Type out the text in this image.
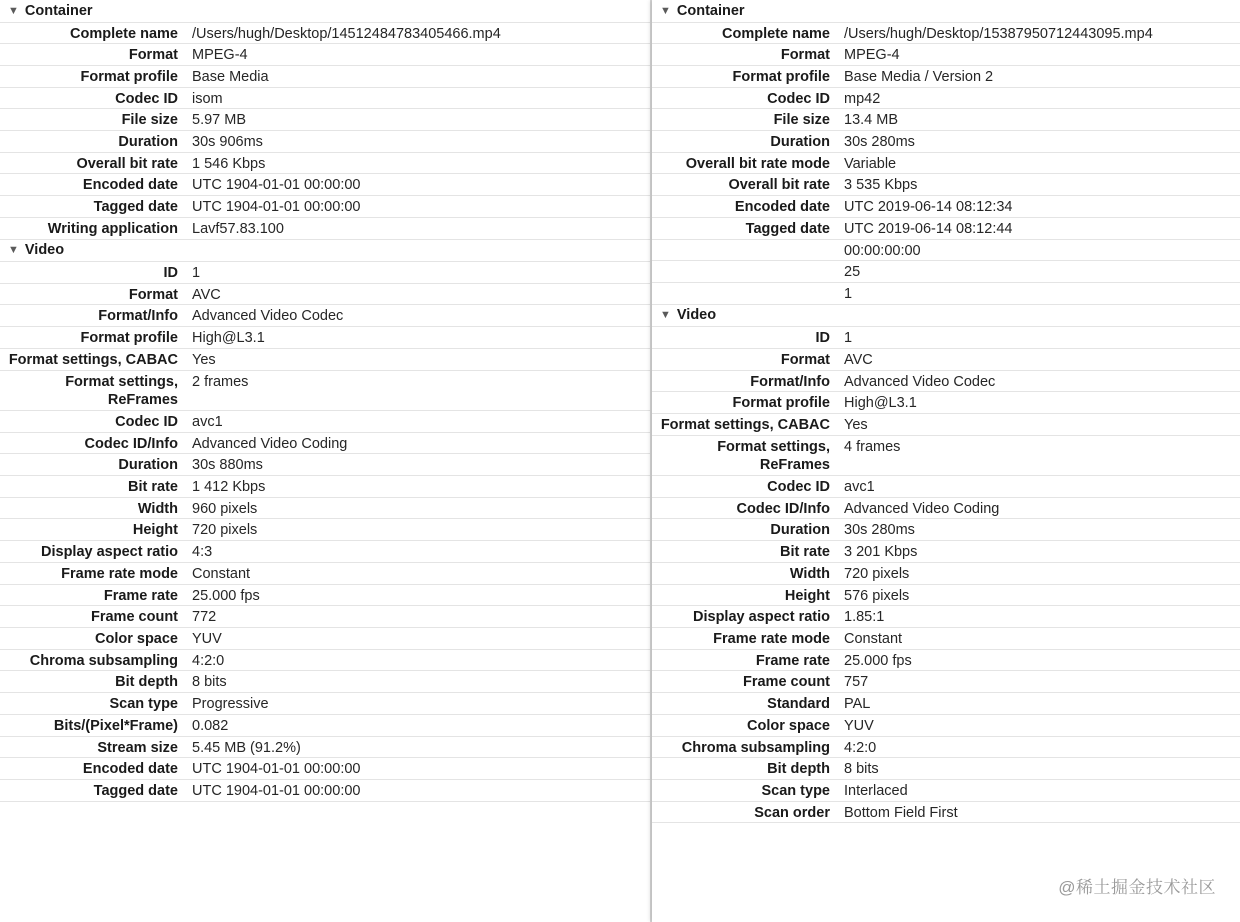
▼ Container
Complete name /Users/hugh/Desktop/14512484783405466.mp4
Format MPEG-4
Format profile Base Media
Codec ID isom
File size 5.97 MB
Duration 30s 906ms
Overall bit rate 1 546 Kbps
Encoded date UTC 1904-01-01 00:00:00
Tagged date UTC 1904-01-01 00:00:00
Writing application Lavf57.83.100
▼ Video
ID 1
Format AVC
Format/Info Advanced Video Codec
Format profile High@L3.1
Format settings, CABAC Yes
Format settings, ReFrames
2 frames
Codec ID avc1
Codec ID/Info Advanced Video Coding
Duration 30s 880ms
Bit rate 1 412 Kbps
Width 960 pixels
Height 720 pixels
Display aspect ratio 4:3
Frame rate mode Constant
Frame rate 25.000 fps
Frame count 772
Color space YUV
Chroma subsampling 4:2:0
Bit depth 8 bits
Scan type Progressive
Bits/(Pixel*Frame) 0.082
Stream size 5.45 MB (91.2%)
Encoded date UTC 1904-01-01 00:00:00
Tagged date UTC 1904-01-01 00:00:00
▼ Container
Complete name /Users/hugh/Desktop/15387950712443095.mp4
Format MPEG-4
Format profile Base Media / Version 2
Codec ID mp42
File size 13.4 MB
Duration 30s 280ms
Overall bit rate mode Variable
Overall bit rate 3 535 Kbps
Encoded date UTC 2019-06-14 08:12:34
Tagged date UTC 2019-06-14 08:12:44
00:00:00:00
25
1
▼ Video
ID 1
Format AVC
Format/Info Advanced Video Codec
Format profile High@L3.1
Format settings, CABAC Yes
Format settings, ReFrames
4 frames
Codec ID avc1
Codec ID/Info Advanced Video Coding
Duration 30s 280ms
Bit rate 3 201 Kbps
Width 720 pixels
Height 576 pixels
Display aspect ratio 1.85:1
Frame rate mode Constant
Frame rate 25.000 fps
Frame count 757
Standard PAL
Color space YUV
Chroma subsampling 4:2:0
Bit depth 8 bits
Scan type Interlaced
Scan order Bottom Field First
@稀土掘金技术社区
